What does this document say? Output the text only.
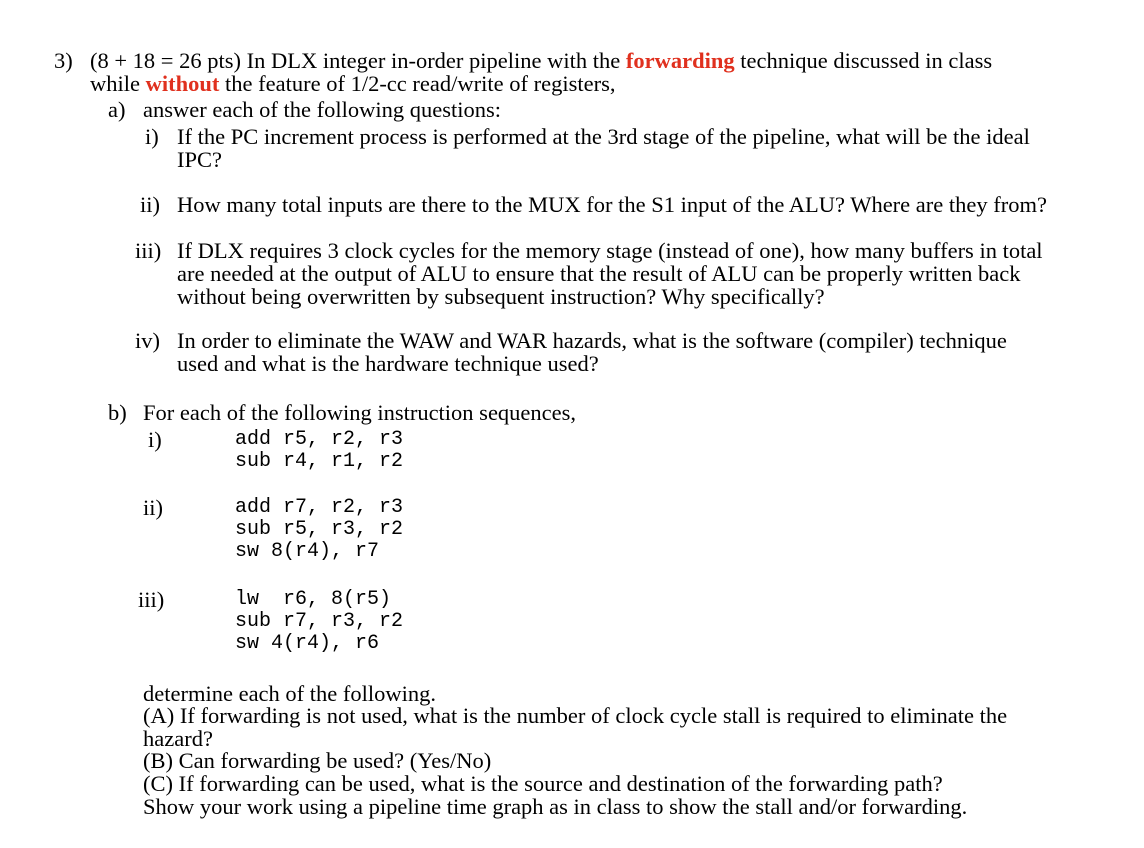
3) (8 + 18 = 26 pts) In DLX integer in-order pipeline with the forwarding technique discussed in class
while without the feature of 1/2-cc read/write of registers,
a) answer each of the following questions:
i) If the PC increment process is performed at the 3rd stage of the pipeline, what will be the ideal
IPC?
ii) How many total inputs are there to the MUX for the S1 input of the ALU? Where are they from?
iii) If DLX requires 3 clock cycles for the memory stage (instead of one), how many buffers in total
are needed at the output of ALU to ensure that the result of ALU can be properly written back
without being overwritten by subsequent instruction? Why specifically?
iv) In order to eliminate the WAW and WAR hazards, what is the software (compiler) technique
used and what is the hardware technique used?
b) For each of the following instruction sequences,
i)	add r5, r2, r3
sub r4, r1, r2
ii)	add r7, r2, r3
sub r5, r3, r2
sw 8(r4), r7
iii)	lw  r6, 8(r5)
sub r7, r3, r2
sw 4(r4), r6
determine each of the following.
(A) If forwarding is not used, what is the number of clock cycle stall is required to eliminate the
hazard?
(B) Can forwarding be used? (Yes/No)
(C) If forwarding can be used, what is the source and destination of the forwarding path?
Show your work using a pipeline time graph as in class to show the stall and/or forwarding.
